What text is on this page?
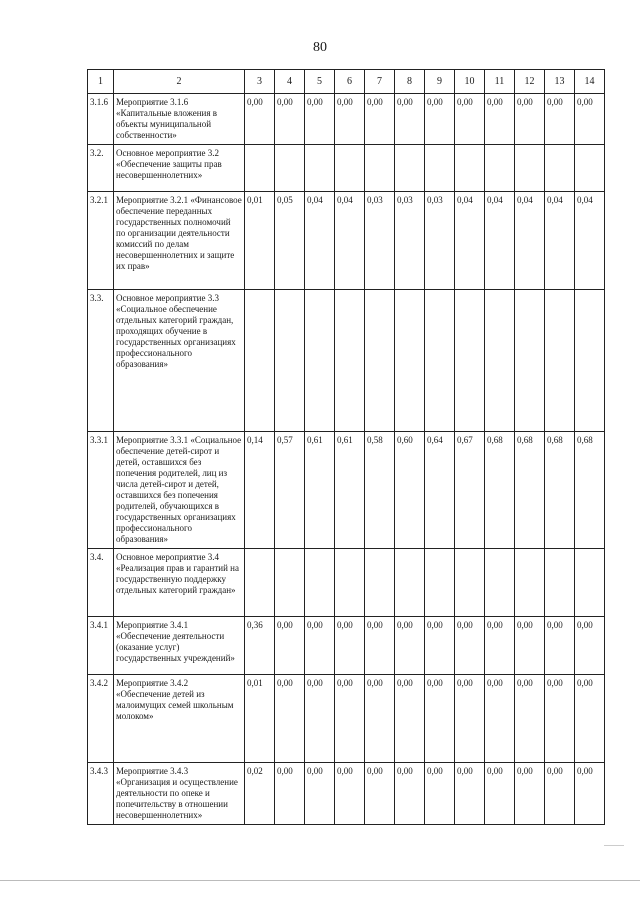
80
1	2	3	4	5	6	7	8	9	10	11	12	13	14
3.1.6	Мероприятие 3.1.6 «Капитальные вложения в объекты муниципальной собственности»	0,00	0,00	0,00	0,00	0,00	0,00	0,00	0,00	0,00	0,00	0,00	0,00
3.2.	Основное мероприятие 3.2 «Обеспечение защиты прав несовершеннолетних»												
3.2.1	Мероприятие 3.2.1 «Финансовое обеспечение переданных государственных полномочий по организации деятельности комиссий по делам несовершеннолетних и защите их прав»	0,01	0,05	0,04	0,04	0,03	0,03	0,03	0,04	0,04	0,04	0,04	0,04
3.3.	Основное мероприятие 3.3 «Социальное обеспечение отдельных категорий граждан, проходящих обучение в государственных организациях профессионального образования»												
3.3.1	Мероприятие 3.3.1 «Социальное обеспечение детей-сирот и детей, оставшихся без попечения родителей, лиц из числа детей-сирот и детей, оставшихся без попечения родителей, обучающихся в государственных организациях профессионального образования»	0,14	0,57	0,61	0,61	0,58	0,60	0,64	0,67	0,68	0,68	0,68	0,68
3.4.	Основное мероприятие 3.4 «Реализация прав и гарантий на государственную поддержку отдельных категорий граждан»												
3.4.1	Мероприятие 3.4.1 «Обеспечение деятельности (оказание услуг) государственных учреждений»	0,36	0,00	0,00	0,00	0,00	0,00	0,00	0,00	0,00	0,00	0,00	0,00
3.4.2	Мероприятие 3.4.2 «Обеспечение детей из малоимущих семей школьным молоком»	0,01	0,00	0,00	0,00	0,00	0,00	0,00	0,00	0,00	0,00	0,00	0,00
3.4.3	Мероприятие 3.4.3 «Организация и осуществление деятельности по опеке и попечительству в отношении несовершеннолетних»	0,02	0,00	0,00	0,00	0,00	0,00	0,00	0,00	0,00	0,00	0,00	0,00
